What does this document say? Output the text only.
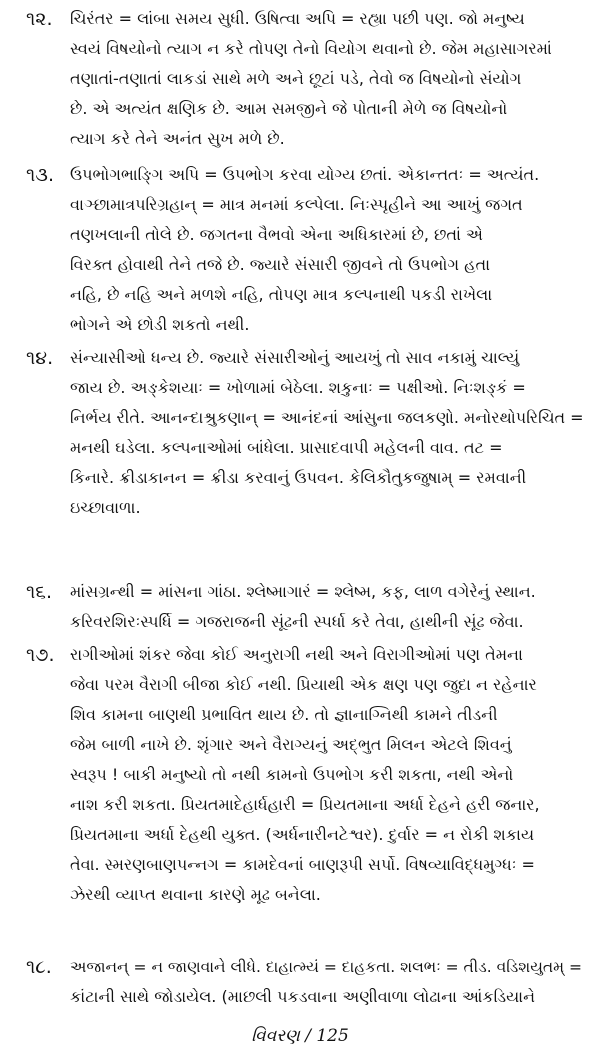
૧૨.	ચિરંતર = લાંબા સમય સુધી. ઉષિત્વા અપિ = રહ્યા પછી પણ. જો મનુષ્ય
સ્વયં વિષયોનો ત્યાગ ન કરે તોપણ તેનો વિયોગ થવાનો છે. જેમ મહાસાગરમાં
તણાતાં-તણાતાં લાકડાં સાથે મળે અને છૂટાં પડે, તેવો જ વિષયોનો સંયોગ
છે. એ અત્યંત ક્ષણિક છે. આમ સમજીને જે પોતાની મેળે જ વિષયોનો
ત્યાગ કરે તેને અનંત સુખ મળે છે.
૧૩. ઉપભોગભાઙ્ગિ અપિ = ઉપભોગ કરવા યોગ્ય છતાં. એકાન્તતઃ = અત્યંત.
વાઞ્છામાત્રપરિગ્રહાન્ = માત્ર મનમાં કલ્પેલા. નિઃસ્પૃહીને આ આખું જગત
તણખલાની તોલે છે. જગતના વૈભવો એના અધિકારમાં છે, છતાં એ
વિરક્ત હોવાથી તેને તજે છે. જ્યારે સંસારી જીવને તો ઉપભોગ હતા
નહિ, છે નહિ અને મળશે નહિ, તોપણ માત્ર કલ્પનાથી પકડી રાખેલા
ભોગને એ છોડી શકતો નથી.
૧૪.	સંન્યાસીઓ ધન્ય છે. જ્યારે સંસારીઓનું આયખું તો સાવ નકામું ચાલ્યું
જાય છે. અઙ્કેશયાઃ = ખોળામાં બેઠેલા. શકુનાઃ = પક્ષીઓ. નિઃશઙ્કં =
નિર્ભય રીતે. આનન્દાશ્રુકણાન્ = આનંદનાં આંસુના જલકણો. મનોરથોપરિચિત =
મનથી ઘડેલા. કલ્પનાઓમાં બાંધેલા. પ્રાસાદવાપી મહેલની વાવ. તટ =
કિનારે. ક્રીડાકાનન = ક્રીડા કરવાનું ઉપવન. કેલિકૌતુકજુષામ્ = રમવાની
ઇચ્છાવાળા.
૧૬.	માંસગ્રન્થી = માંસના ગાંઠા. શ્લેષ્માગારં = શ્લેષ્મ, કફ, લાળ વગેરેનું સ્થાન.
કરિવરશિરઃસ્પર્ધિ = ગજરાજની સૂંઢની સ્પર્ધા કરે તેવા, હાથીની સૂંઢ જેવા.
૧૭. રાગીઓમાં શંકર જેવા કોઈ અનુરાગી નથી અને વિરાગીઓમાં પણ તેમના
જેવા પરમ વૈરાગી બીજા કોઈ નથી. પ્રિયાથી એક ક્ષણ પણ જુદા ન રહેનાર
શિવ કામના બાણથી પ્રભાવિત થાય છે. તો જ્ઞાનાગ્નિથી કામને તીડની
જેમ બાળી નાખે છે. શૃંગાર અને વૈરાગ્યનું અદ્ભુત મિલન એટલે શિવનું
સ્વરૂપ ! બાકી મનુષ્યો તો નથી કામનો ઉપભોગ કરી શકતા, નથી એનો
નાશ કરી શકતા. પ્રિયતમાદેહાર્ધહારી = પ્રિયતમાના અર્ધા દેહને હરી જનાર,
પ્રિયતમાના અર્ધા દેહથી યુક્ત. (અર્ધનારીનટેશ્વર). દુર્વાર = ન રોકી શકાય
તેવા. સ્મરણબાણપન્નગ = કામદેવનાં બાણરૂપી સર્પો. વિષવ્યાવિદ્ધમુગ્ધઃ =
ઝેરથી વ્યાપ્ત થવાના કારણે મૂઢ બનેલા.
૧૮.	અજાનન્ = ન જાણવાને લીધે. દાહાત્મ્યં = દાહકતા. શલભઃ = તીડ. વડિશયુતમ્ =
કાંટાની સાથે જોડાયેલ. (માછલી પકડવાના અણીવાળા લોઢાના આંકડિયાને
વિવરણ / 125
